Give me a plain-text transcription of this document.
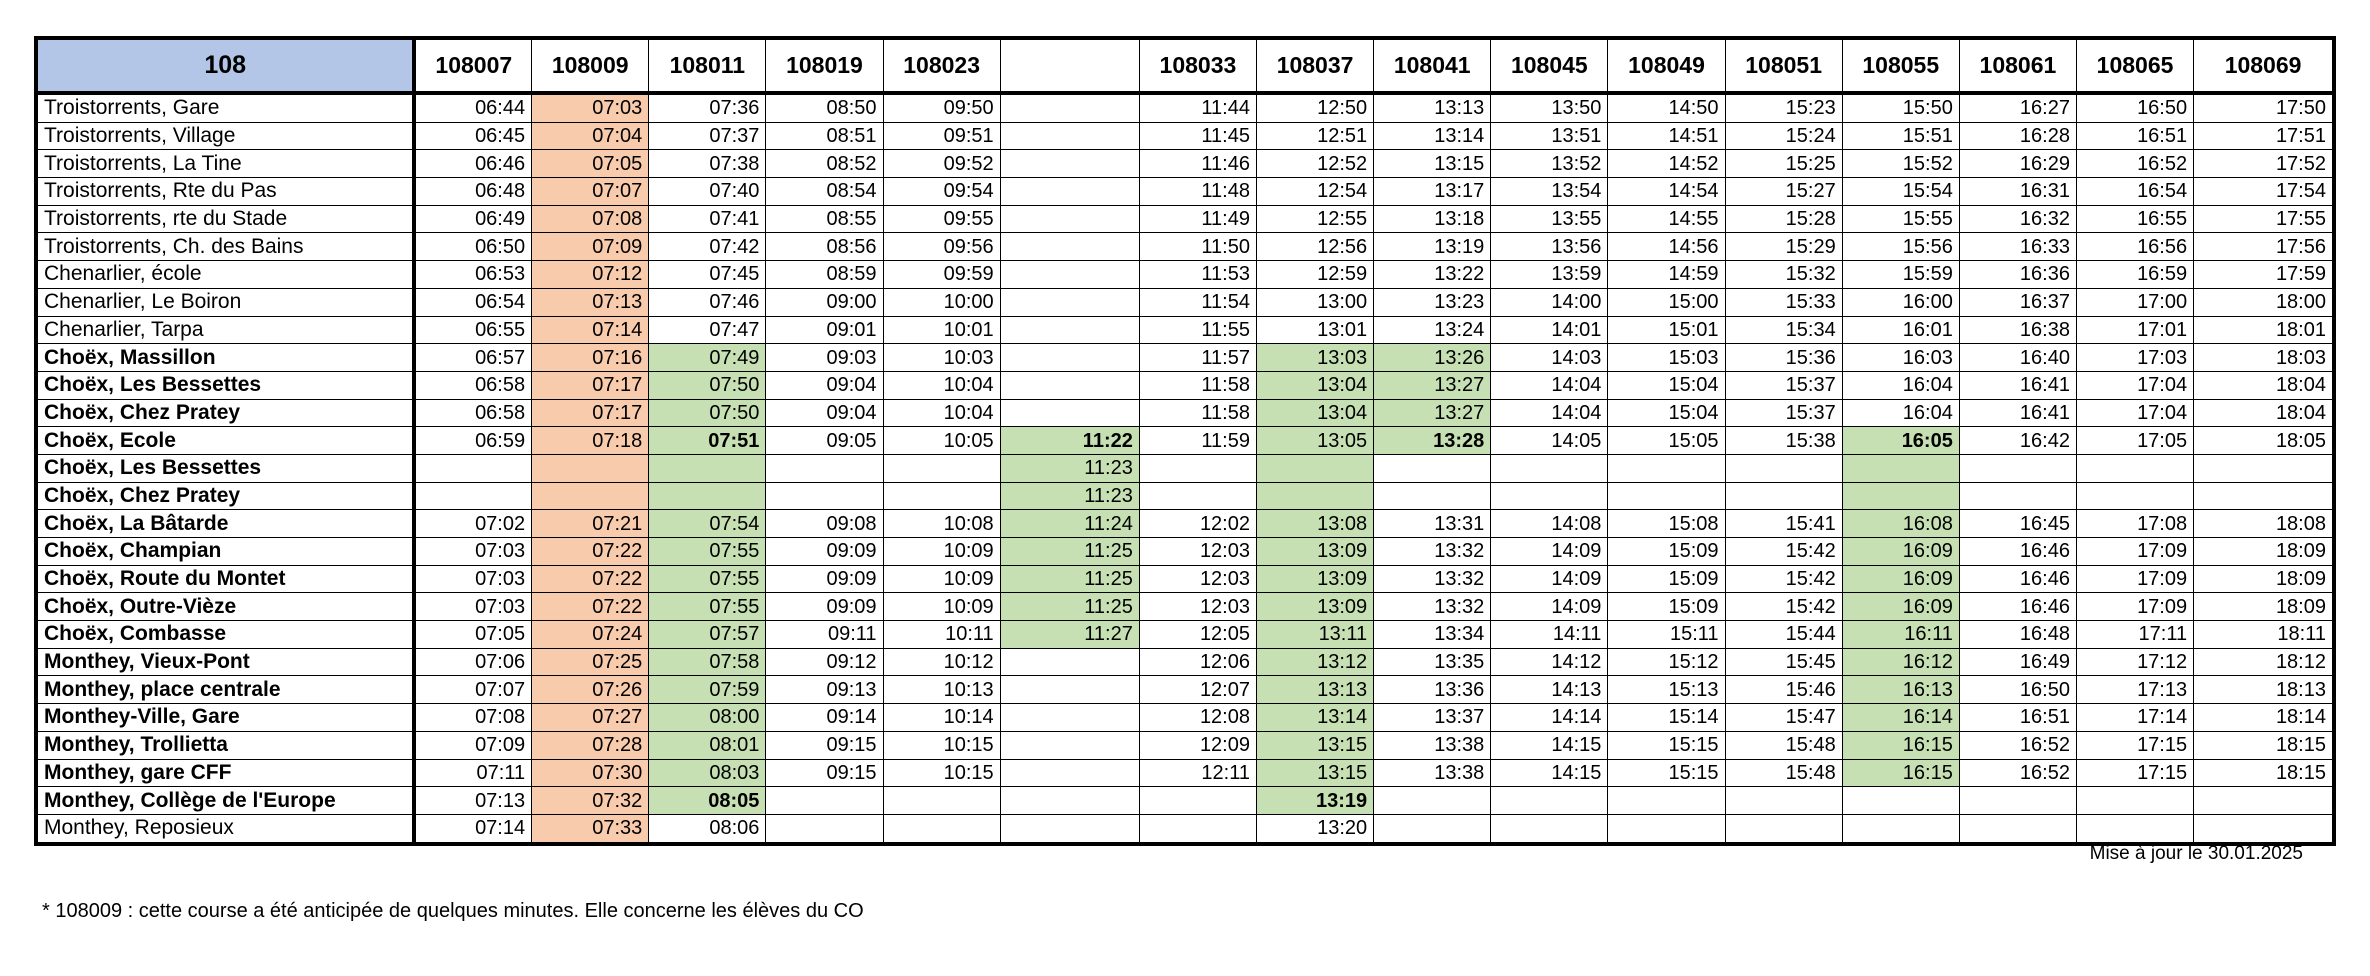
108	108007	108009	108011	108019	108023		108033	108037	108041	108045	108049	108051	108055	108061	108065	108069
Troistorrents, Gare	06:44	07:03	07:36	08:50	09:50		11:44	12:50	13:13	13:50	14:50	15:23	15:50	16:27	16:50	17:50
Troistorrents, Village	06:45	07:04	07:37	08:51	09:51		11:45	12:51	13:14	13:51	14:51	15:24	15:51	16:28	16:51	17:51
Troistorrents, La Tine	06:46	07:05	07:38	08:52	09:52		11:46	12:52	13:15	13:52	14:52	15:25	15:52	16:29	16:52	17:52
Troistorrents, Rte du Pas	06:48	07:07	07:40	08:54	09:54		11:48	12:54	13:17	13:54	14:54	15:27	15:54	16:31	16:54	17:54
Troistorrents, rte du Stade	06:49	07:08	07:41	08:55	09:55		11:49	12:55	13:18	13:55	14:55	15:28	15:55	16:32	16:55	17:55
Troistorrents, Ch. des Bains	06:50	07:09	07:42	08:56	09:56		11:50	12:56	13:19	13:56	14:56	15:29	15:56	16:33	16:56	17:56
Chenarlier, école	06:53	07:12	07:45	08:59	09:59		11:53	12:59	13:22	13:59	14:59	15:32	15:59	16:36	16:59	17:59
Chenarlier, Le Boiron	06:54	07:13	07:46	09:00	10:00		11:54	13:00	13:23	14:00	15:00	15:33	16:00	16:37	17:00	18:00
Chenarlier, Tarpa	06:55	07:14	07:47	09:01	10:01		11:55	13:01	13:24	14:01	15:01	15:34	16:01	16:38	17:01	18:01
Choëx, Massillon	06:57	07:16	07:49	09:03	10:03		11:57	13:03	13:26	14:03	15:03	15:36	16:03	16:40	17:03	18:03
Choëx, Les Bessettes	06:58	07:17	07:50	09:04	10:04		11:58	13:04	13:27	14:04	15:04	15:37	16:04	16:41	17:04	18:04
Choëx, Chez Pratey	06:58	07:17	07:50	09:04	10:04		11:58	13:04	13:27	14:04	15:04	15:37	16:04	16:41	17:04	18:04
Choëx, Ecole	06:59	07:18	07:51	09:05	10:05	11:22	11:59	13:05	13:28	14:05	15:05	15:38	16:05	16:42	17:05	18:05
Choëx, Les Bessettes						11:23										
Choëx, Chez Pratey						11:23										
Choëx, La Bâtarde	07:02	07:21	07:54	09:08	10:08	11:24	12:02	13:08	13:31	14:08	15:08	15:41	16:08	16:45	17:08	18:08
Choëx, Champian	07:03	07:22	07:55	09:09	10:09	11:25	12:03	13:09	13:32	14:09	15:09	15:42	16:09	16:46	17:09	18:09
Choëx, Route du Montet	07:03	07:22	07:55	09:09	10:09	11:25	12:03	13:09	13:32	14:09	15:09	15:42	16:09	16:46	17:09	18:09
Choëx, Outre-Vièze	07:03	07:22	07:55	09:09	10:09	11:25	12:03	13:09	13:32	14:09	15:09	15:42	16:09	16:46	17:09	18:09
Choëx, Combasse	07:05	07:24	07:57	09:11	10:11	11:27	12:05	13:11	13:34	14:11	15:11	15:44	16:11	16:48	17:11	18:11
Monthey, Vieux-Pont	07:06	07:25	07:58	09:12	10:12		12:06	13:12	13:35	14:12	15:12	15:45	16:12	16:49	17:12	18:12
Monthey, place centrale	07:07	07:26	07:59	09:13	10:13		12:07	13:13	13:36	14:13	15:13	15:46	16:13	16:50	17:13	18:13
Monthey-Ville, Gare	07:08	07:27	08:00	09:14	10:14		12:08	13:14	13:37	14:14	15:14	15:47	16:14	16:51	17:14	18:14
Monthey, Trollietta	07:09	07:28	08:01	09:15	10:15		12:09	13:15	13:38	14:15	15:15	15:48	16:15	16:52	17:15	18:15
Monthey, gare CFF	07:11	07:30	08:03	09:15	10:15		12:11	13:15	13:38	14:15	15:15	15:48	16:15	16:52	17:15	18:15
Monthey, Collège de l'Europe	07:13	07:32	08:05					13:19								
Monthey, Reposieux	07:14	07:33	08:06					13:20								
Mise à jour le 30.01.2025
* 108009 : cette course a été anticipée de quelques minutes. Elle concerne les élèves du CO
